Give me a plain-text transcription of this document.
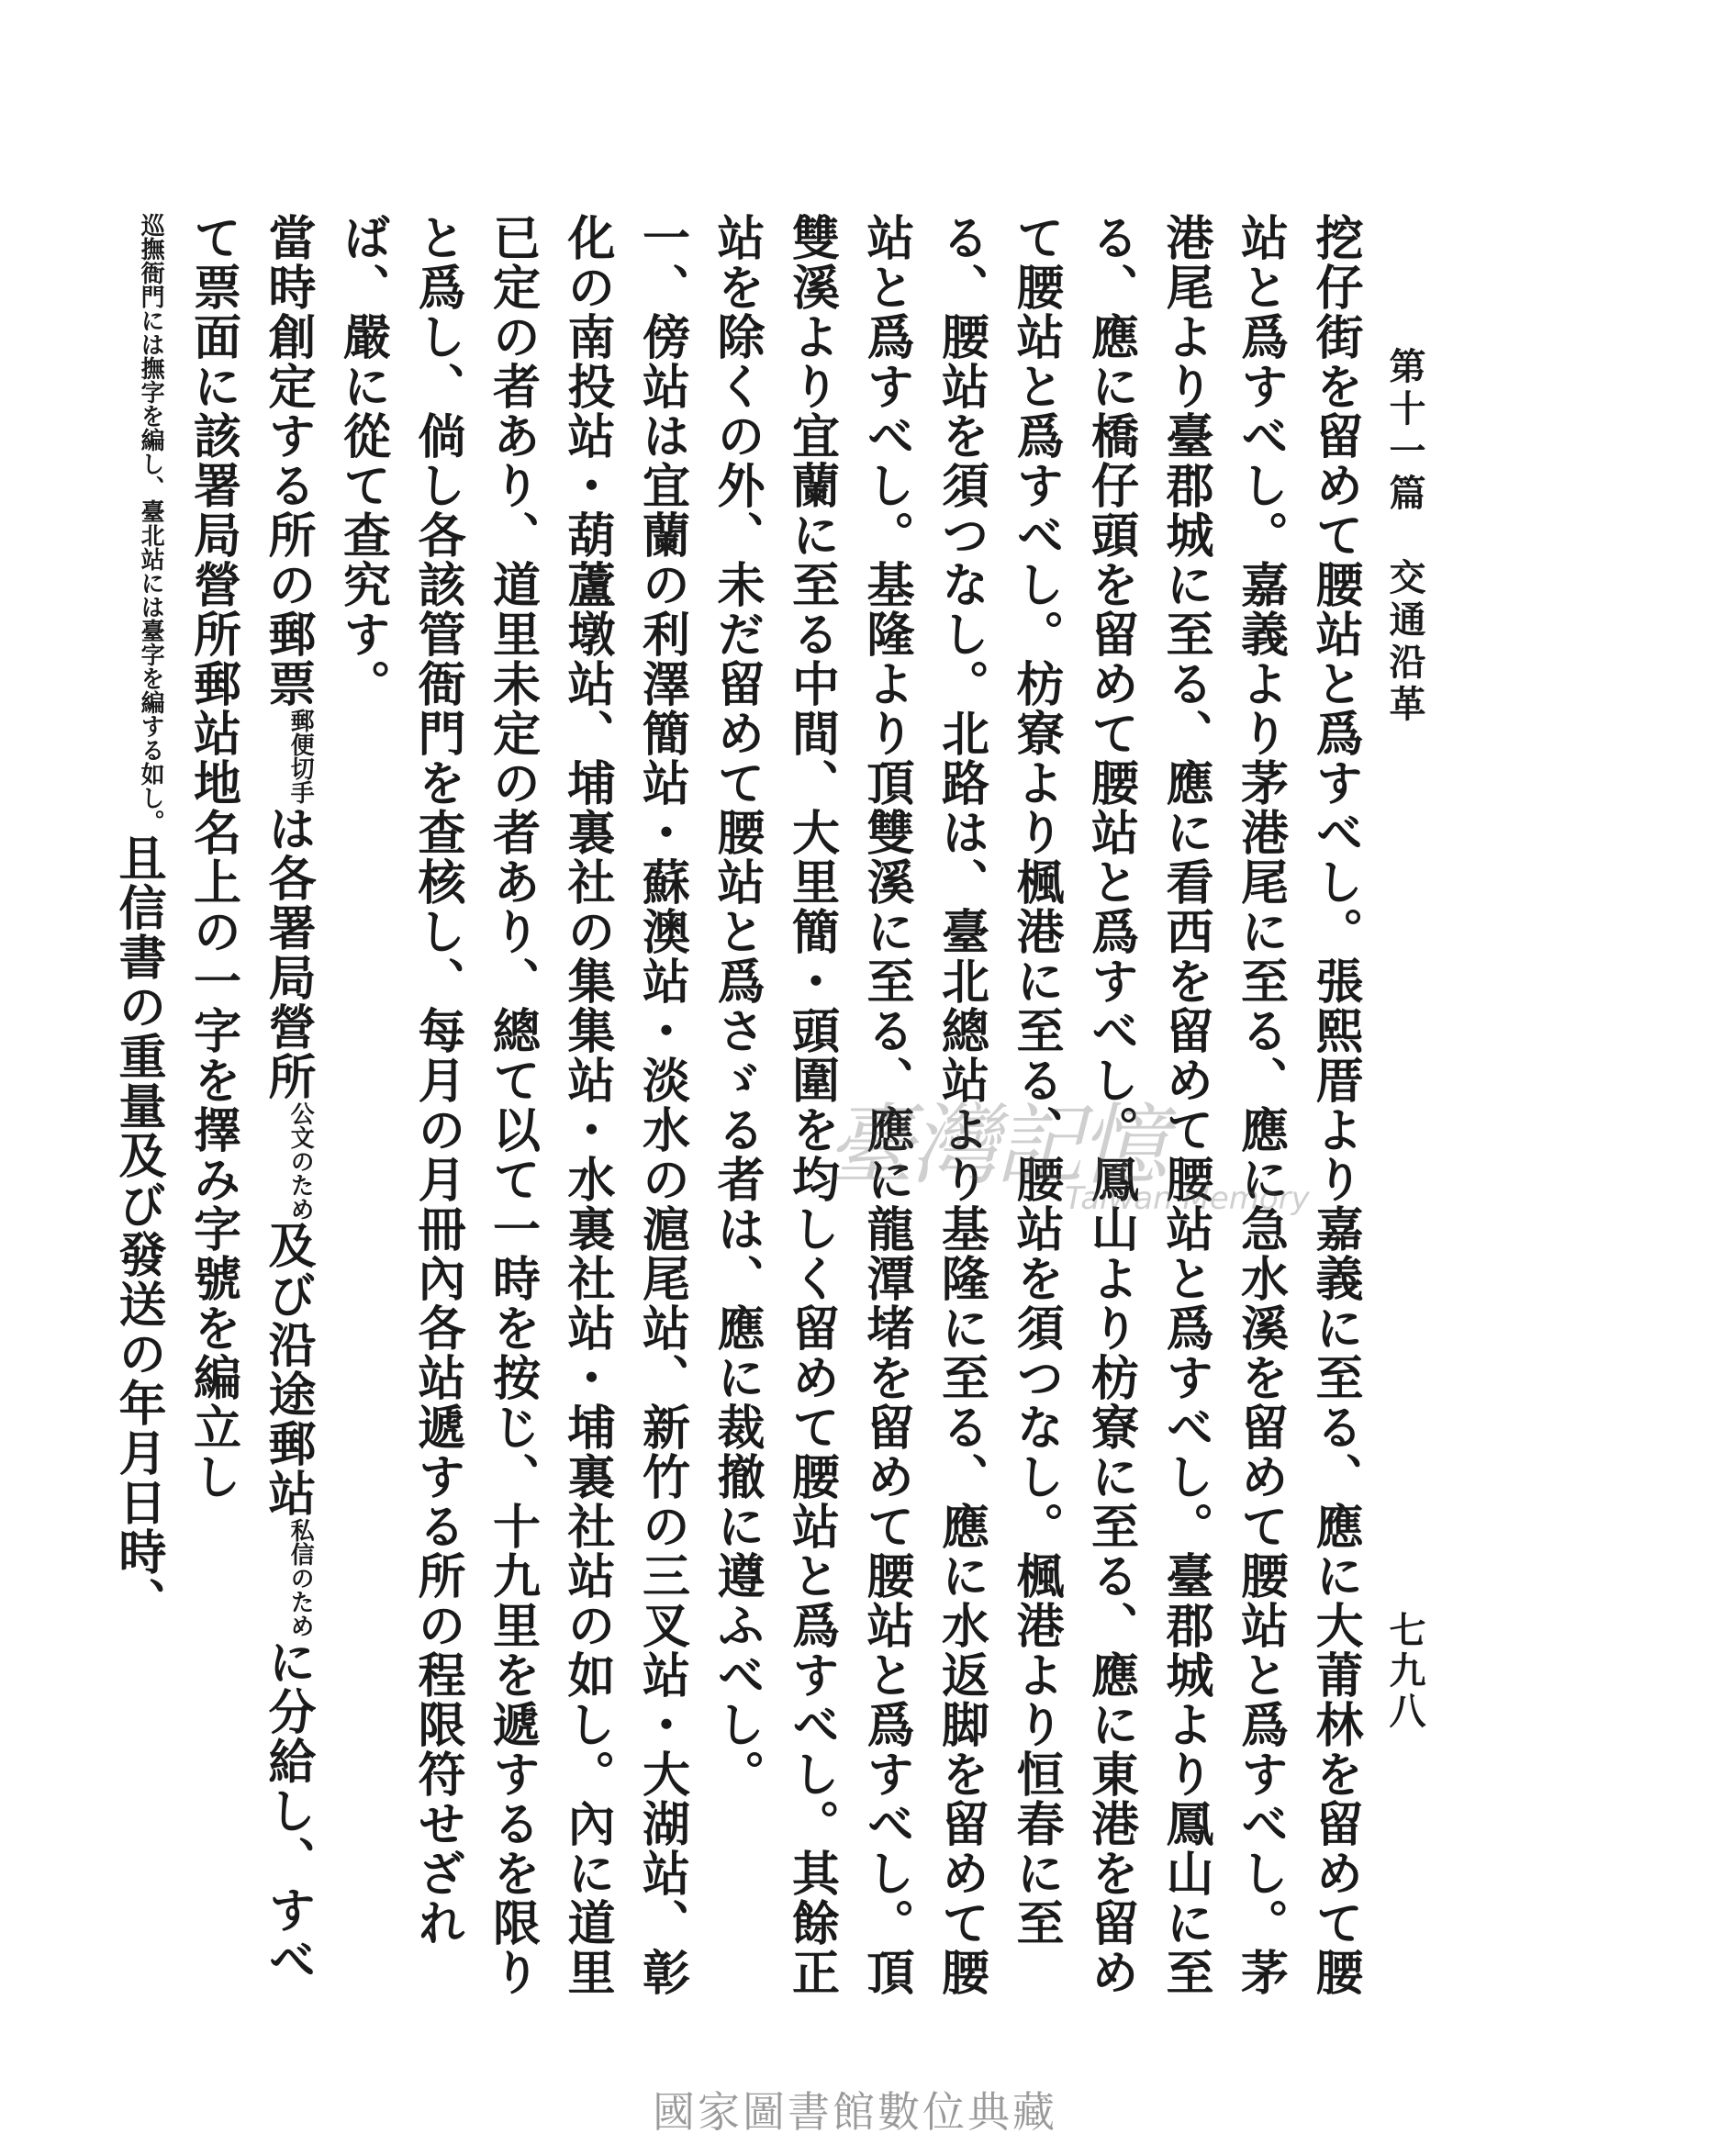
第十一篇　交通沿革
七九八

挖仔街を留めて腰站と爲すべし。張熙厝より嘉義に至る、應に大莆林を留めて腰站と爲すべし。嘉義より茅港尾に至る、應に急水溪を留めて腰站と爲すべし。茅港尾より臺郡城に至る、應に看西を留めて腰站と爲すべし。臺郡城より鳳山に至る、應に橋仔頭を留めて腰站と爲すべし。鳳山より枋寮に至る、應に東港を留めて腰站と爲すべし。枋寮より楓港に至る、腰站を須つなし。楓港より恒春に至る、腰站を須つなし。北路は、臺北總站より基隆に至る、應に水返脚を留めて腰站と爲すべし。基隆より頂雙溪に至る、應に龍潭堵を留めて腰站と爲すべし。頂雙溪より宜蘭に至る中間、大里簡・頭圍を均しく留めて腰站と爲すべし。其餘正站を除くの外、未だ留めて腰站と爲さゞる者は、應に裁撤に遵ふべし。

一、傍站は宜蘭の利澤簡站・蘇澳站・淡水の滬尾站、新竹の三叉站・大湖站、彰化の南投站・葫蘆墩站、埔裏社の集集站・水裏社站・埔裏社站の如し。內に道里已定の者あり、道里未定の者あり、總て以て一時を按じ、十九里を遞するを限りと爲し、倘し各該管衙門を查核し、每月の月冊內各站遞する所の程限符せざれば、嚴に從て查究す。

當時創定する所の郵票郵便切手は各署局營所公文のため及び沿途郵站私信のために分給し、すべて票面に該署局營所郵站地名上の一字を擇み字號を編立し巡撫衙門には撫字を編し、臺北站には臺字を編する如し。且信書の重量及び發送の年月日時、	臺灣記憶
Taiwan Memory
國家圖書館數位典藏
